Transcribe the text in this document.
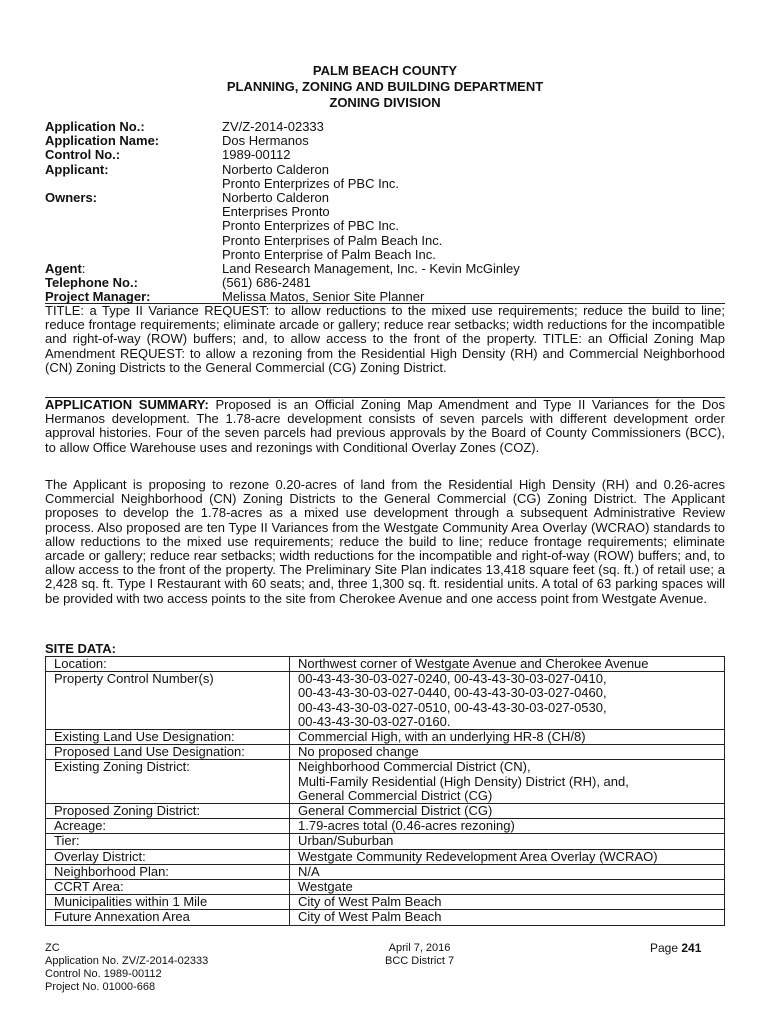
PALM BEACH COUNTY
PLANNING, ZONING AND BUILDING DEPARTMENT
ZONING DIVISION
Application No.:	ZV/Z-2014-02333
Application Name:	Dos Hermanos
Control No.:	1989-00112
Applicant:	Norberto Calderon
Pronto Enterprizes of PBC Inc.
Owners:	Norberto Calderon
Enterprises Pronto
Pronto Enterprizes of PBC Inc.
Pronto Enterprises of Palm Beach Inc.
Pronto Enterprise of Palm Beach Inc.
Agent:	Land Research Management, Inc. - Kevin McGinley
Telephone No.:	(561) 686-2481
Project Manager:	Melissa Matos, Senior Site Planner
TITLE: a Type II Variance REQUEST: to allow reductions to the mixed use requirements; reduce the build to line; reduce frontage requirements; eliminate arcade or gallery; reduce rear setbacks; width reductions for the incompatible and right-of-way (ROW) buffers; and, to allow access to the front of the property. TITLE: an Official Zoning Map Amendment REQUEST: to allow a rezoning from the Residential High Density (RH) and Commercial Neighborhood (CN) Zoning Districts to the General Commercial (CG) Zoning District.
APPLICATION SUMMARY: Proposed is an Official Zoning Map Amendment and Type II Variances for the Dos Hermanos development. The 1.78-acre development consists of seven parcels with different development order approval histories. Four of the seven parcels had previous approvals by the Board of County Commissioners (BCC), to allow Office Warehouse uses and rezonings with Conditional Overlay Zones (COZ).
The Applicant is proposing to rezone 0.20-acres of land from the Residential High Density (RH) and 0.26-acres Commercial Neighborhood (CN) Zoning Districts to the General Commercial (CG) Zoning District. The Applicant proposes to develop the 1.78-acres as a mixed use development through a subsequent Administrative Review process. Also proposed are ten Type II Variances from the Westgate Community Area Overlay (WCRAO) standards to allow reductions to the mixed use requirements; reduce the build to line; reduce frontage requirements; eliminate arcade or gallery; reduce rear setbacks; width reductions for the incompatible and right-of-way (ROW) buffers; and, to allow access to the front of the property. The Preliminary Site Plan indicates 13,418 square feet (sq. ft.) of retail use; a 2,428 sq. ft. Type I Restaurant with 60 seats; and, three 1,300 sq. ft. residential units. A total of 63 parking spaces will be provided with two access points to the site from Cherokee Avenue and one access point from Westgate Avenue.
SITE DATA:
Location:	Northwest corner of Westgate Avenue and Cherokee Avenue

Property Control Number(s)	00-43-43-30-03-027-0240, 00-43-43-30-03-027-0410,
00-43-43-30-03-027-0440, 00-43-43-30-03-027-0460,
00-43-43-30-03-027-0510, 00-43-43-30-03-027-0530,
00-43-43-30-03-027-0160.

Existing Land Use Designation:	Commercial High, with an underlying HR-8 (CH/8)

Proposed Land Use Designation:	No proposed change

Existing Zoning District:	Neighborhood Commercial District (CN),
Multi-Family Residential (High Density) District (RH), and,
General Commercial District (CG)

Proposed Zoning District:	General Commercial District (CG)

Acreage:	1.79-acres total (0.46-acres rezoning)

Tier:	Urban/Suburban

Overlay District:	Westgate Community Redevelopment Area Overlay (WCRAO)

Neighborhood Plan:	N/A

CCRT Area:	Westgate

Municipalities within 1 Mile	City of West Palm Beach

Future Annexation Area	City of West Palm Beach
ZC
Application No. ZV/Z-2014-02333
Control No. 1989-00112
Project No. 01000-668
April 7, 2016
BCC District 7
Page 241
